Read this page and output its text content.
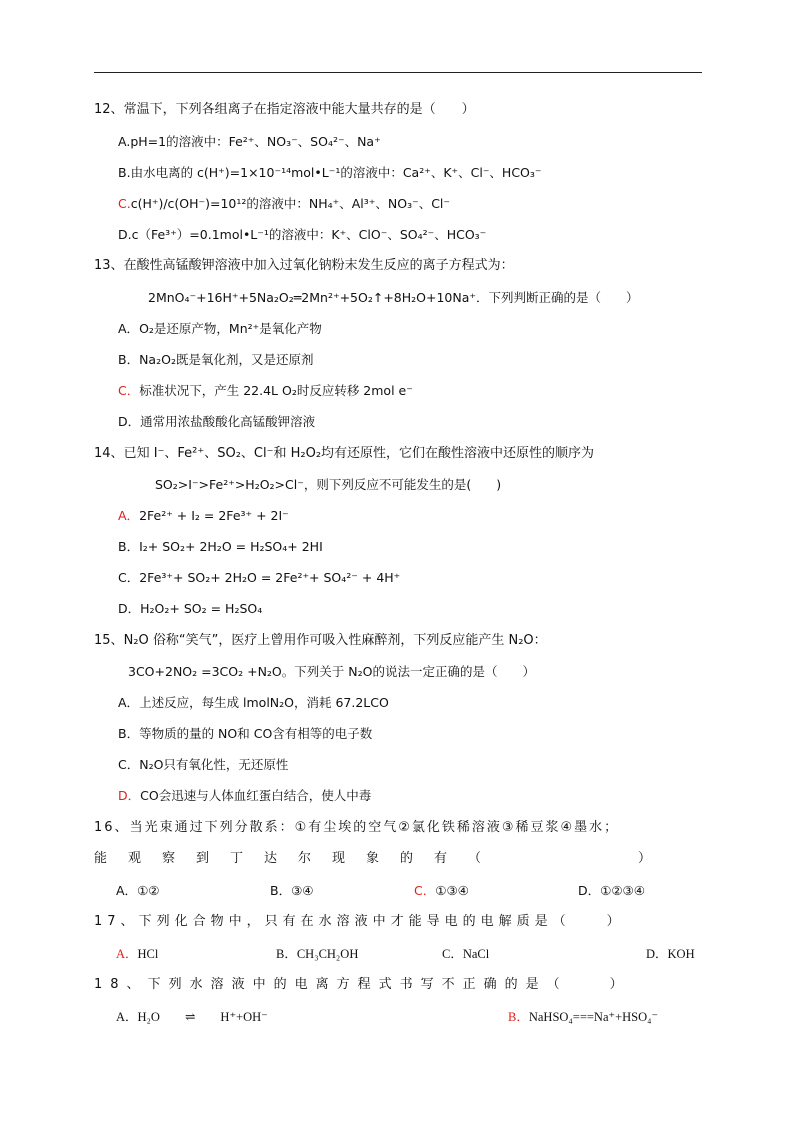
12、常温下，下列各组离子在指定溶液中能大量共存的是（　　）
A.pH=1的溶液中：Fe²⁺、NO₃⁻、SO₄²⁻、Na⁺
B.由水电离的 c(H⁺)=1×10⁻¹⁴mol•L⁻¹的溶液中：Ca²⁺、K⁺、Cl⁻、HCO₃⁻
C.c(H⁺)/c(OH⁻)=10¹²的溶液中：NH₄⁺、Al³⁺、NO₃⁻、Cl⁻
D.c（Fe³⁺）=0.1mol•L⁻¹的溶液中：K⁺、ClO⁻、SO₄²⁻、HCO₃⁻
13、在酸性高锰酸钾溶液中加入过氧化钠粉末发生反应的离子方程式为：
2MnO₄⁻+16H⁺+5Na₂O₂═2Mn²⁺+5O₂↑+8H₂O+10Na⁺．下列判断正确的是（　　）
A．O₂是还原产物，Mn²⁺是氧化产物
B．Na₂O₂既是氧化剂，又是还原剂
C．标准状况下，产生 22.4L O₂时反应转移 2mol e⁻
D．通常用浓盐酸酸化高锰酸钾溶液
14、已知 I⁻、Fe²⁺、SO₂、Cl⁻和 H₂O₂均有还原性，它们在酸性溶液中还原性的顺序为
SO₂>I⁻>Fe²⁺>H₂O₂>Cl⁻，则下列反应不可能发生的是(　　)
A．2Fe²⁺ + I₂ = 2Fe³⁺ + 2I⁻
B．I₂+ SO₂+ 2H₂O = H₂SO₄+ 2HI
C．2Fe³⁺+ SO₂+ 2H₂O = 2Fe²⁺+ SO₄²⁻ + 4H⁺
D．H₂O₂+ SO₂ = H₂SO₄
15、N₂O 俗称“笑气”，医疗上曾用作可吸入性麻醉剂，下列反应能产生 N₂O：
3CO+2NO₂ =3CO₂ +N₂O。下列关于 N₂O的说法一定正确的是（　　）
A．上述反应，每生成 lmolN₂O，消耗 67.2LCO
B．等物质的量的 NO和 CO含有相等的电子数
C．N₂O只有氧化性，无还原性
D．CO会迅速与人体血红蛋白结合，使人中毒
16、当光束通过下列分散系：①有尘埃的空气②氯化铁稀溶液③稀豆浆④墨水；
能观察到丁达尔现象的有（　　　　）
A．①②	B．③④	C．①③④	D．①②③④
17、下列化合物中，只有在水溶液中才能导电的电解质是（　　）
A．HCl	B．CH₃CH₂OH	C．NaCl	D．KOH
18、下列水溶液中的电离方程式书写不正确的是（　　）
A．H₂O　　⇌　　H⁺+OH⁻	B．NaHSO₄===Na⁺+HSO₄⁻
